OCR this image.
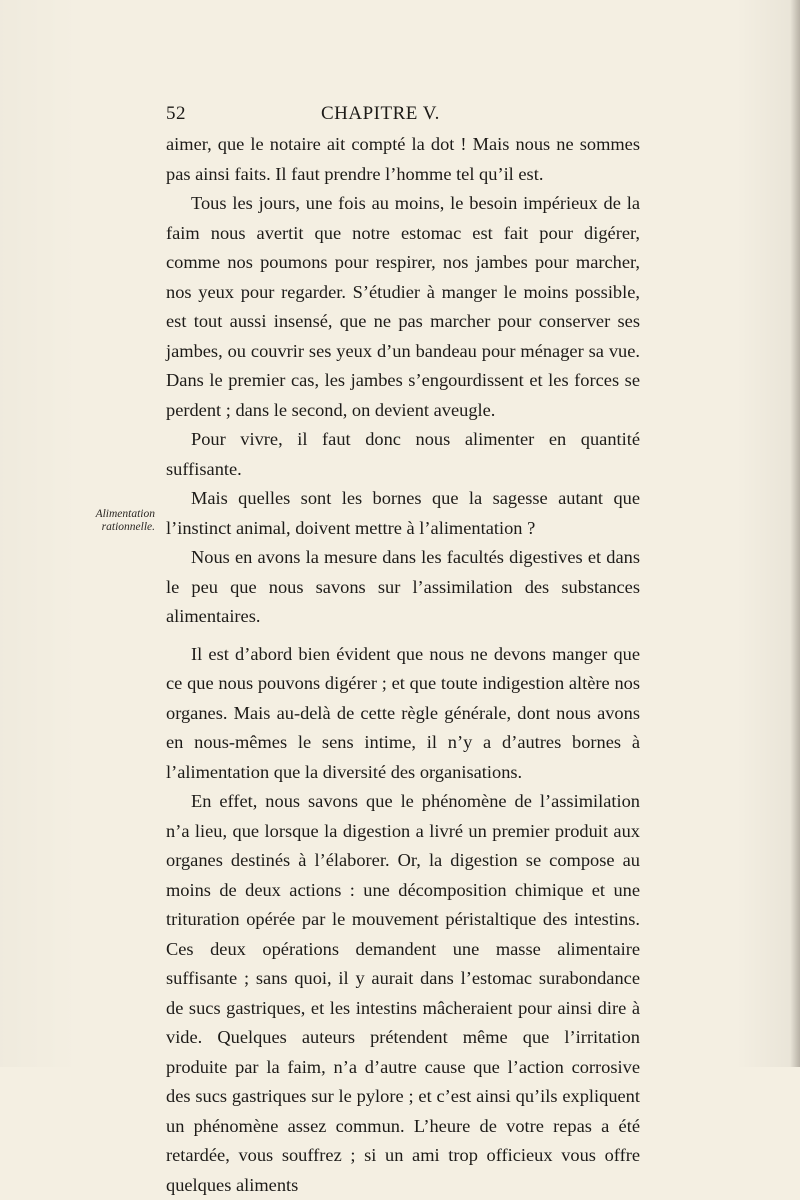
52	CHAPITRE V.
Alimentation
rationnelle.

aimer, que le notaire ait compté la dot ! Mais nous ne sommes pas ainsi faits. Il faut prendre l’homme tel qu’il est.

Tous les jours, une fois au moins, le besoin impérieux de la faim nous avertit que notre estomac est fait pour digérer, comme nos poumons pour respirer, nos jambes pour marcher, nos yeux pour regarder. S’étudier à manger le moins possible, est tout aussi insensé, que ne pas marcher pour conserver ses jambes, ou couvrir ses yeux d’un bandeau pour ménager sa vue. Dans le premier cas, les jambes s’engourdissent et les forces se perdent ; dans le second, on devient aveugle.

Pour vivre, il faut donc nous alimenter en quantité suffisante.

Mais quelles sont les bornes que la sagesse autant que l’instinct animal, doivent mettre à l’alimentation ?

Nous en avons la mesure dans les facultés digestives et dans le peu que nous savons sur l’assimilation des substances alimentaires.

Il est d’abord bien évident que nous ne devons manger que ce que nous pouvons digérer ; et que toute indigestion altère nos organes. Mais au-delà de cette règle générale, dont nous avons en nous-mêmes le sens intime, il n’y a d’autres bornes à l’alimentation que la diversité des organisations.

En effet, nous savons que le phénomène de l’assimilation n’a lieu, que lorsque la digestion a livré un premier produit aux organes destinés à l’élaborer. Or, la digestion se compose au moins de deux actions : une décomposition chimique et une trituration opérée par le mouvement péristaltique des intestins. Ces deux opérations demandent une masse alimentaire suffisante ; sans quoi, il y aurait dans l’estomac surabondance de sucs gastriques, et les intestins mâcheraient pour ainsi dire à vide. Quelques auteurs prétendent même que l’irritation produite par la faim, n’a d’autre cause que l’action corrosive des sucs gastriques sur le pylore ; et c’est ainsi qu’ils expliquent un phénomène assez commun. L’heure de votre repas a été retardée, vous souffrez ; si un ami trop officieux vous offre quelques aliments
